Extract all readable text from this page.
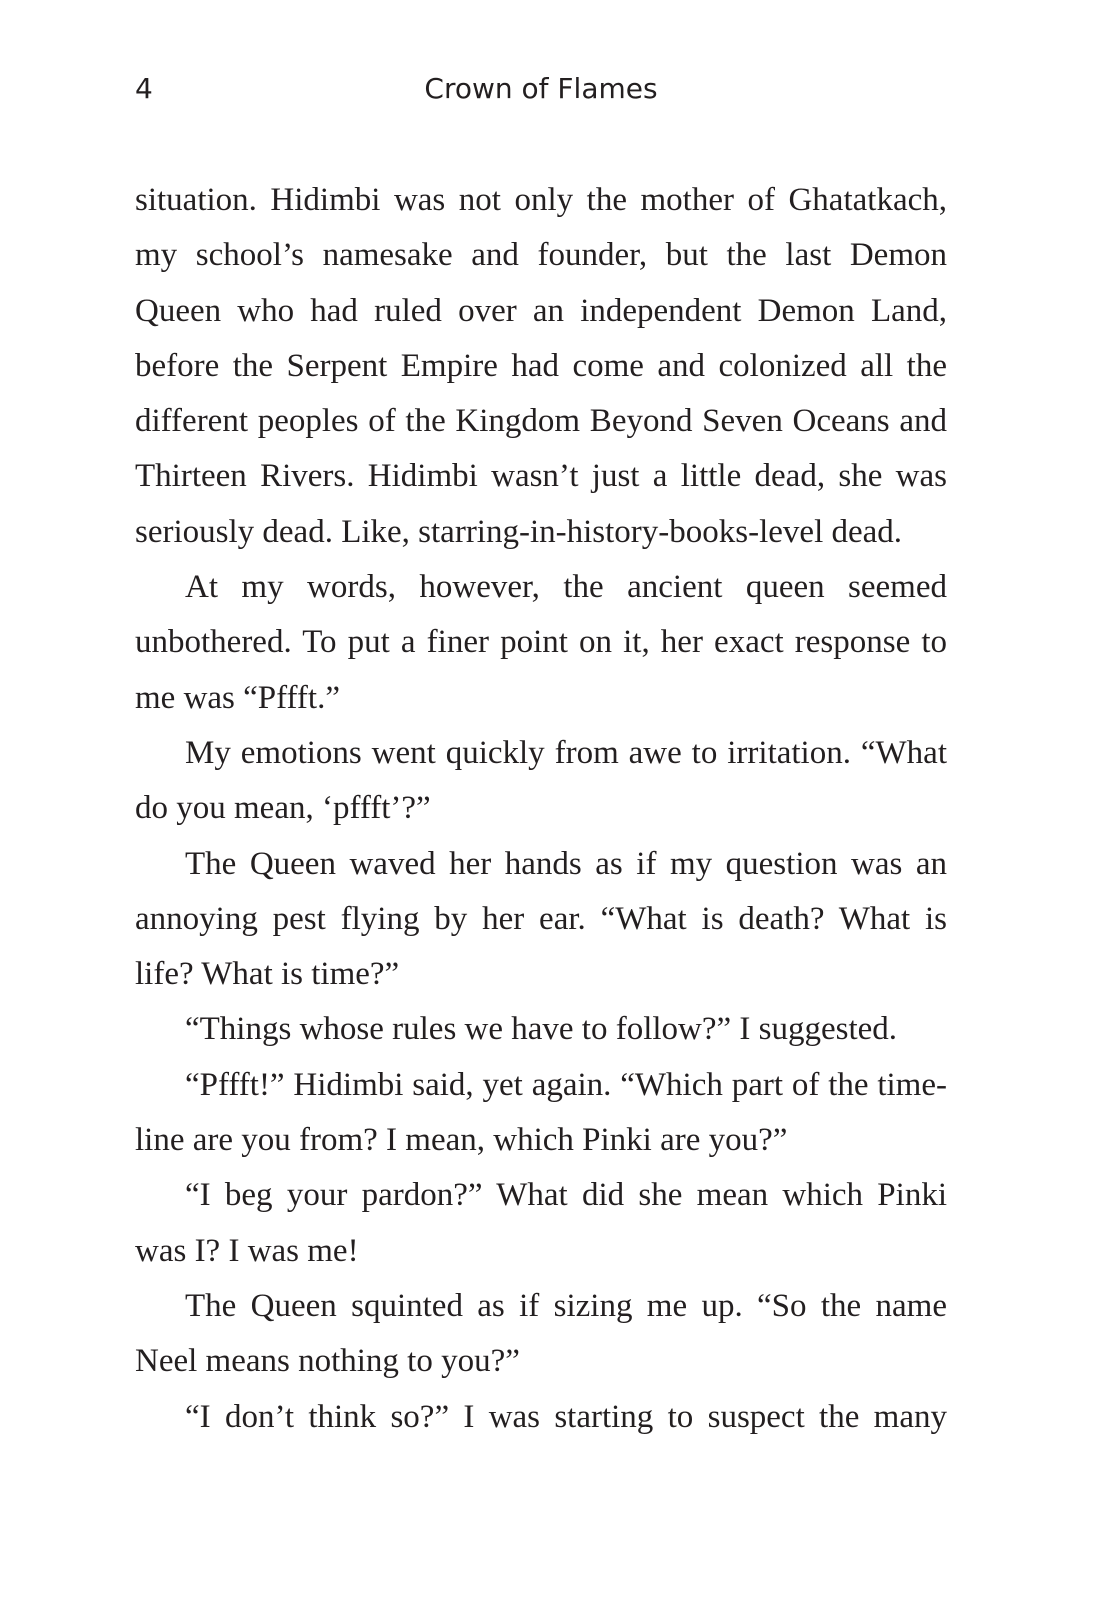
4	Crown of Flames

situation. Hidimbi was not only the mother of Ghatatkach, my school’s namesake and founder, but the last Demon Queen who had ruled over an independent Demon Land, before the Serpent Empire had come and colonized all the different peoples of the Kingdom Beyond Seven Oceans and Thirteen Rivers. Hidimbi wasn’t just a little dead, she was seriously dead. Like, starring-in-history-books-level dead.

At my words, however, the ancient queen seemed unbothered. To put a finer point on it, her exact response to me was “Pffft.”

My emotions went quickly from awe to irritation. “What do you mean, ‘pffft’?”

The Queen waved her hands as if my question was an annoying pest flying by her ear. “What is death? What is life? What is time?”

“Things whose rules we have to follow?” I suggested.

“Pffft!” Hidimbi said, yet again. “Which part of the time-line are you from? I mean, which Pinki are you?”

“I beg your pardon?” What did she mean which Pinki was I? I was me!

The Queen squinted as if sizing me up. “So the name Neel means nothing to you?”

“I don’t think so?” I was starting to suspect the many
